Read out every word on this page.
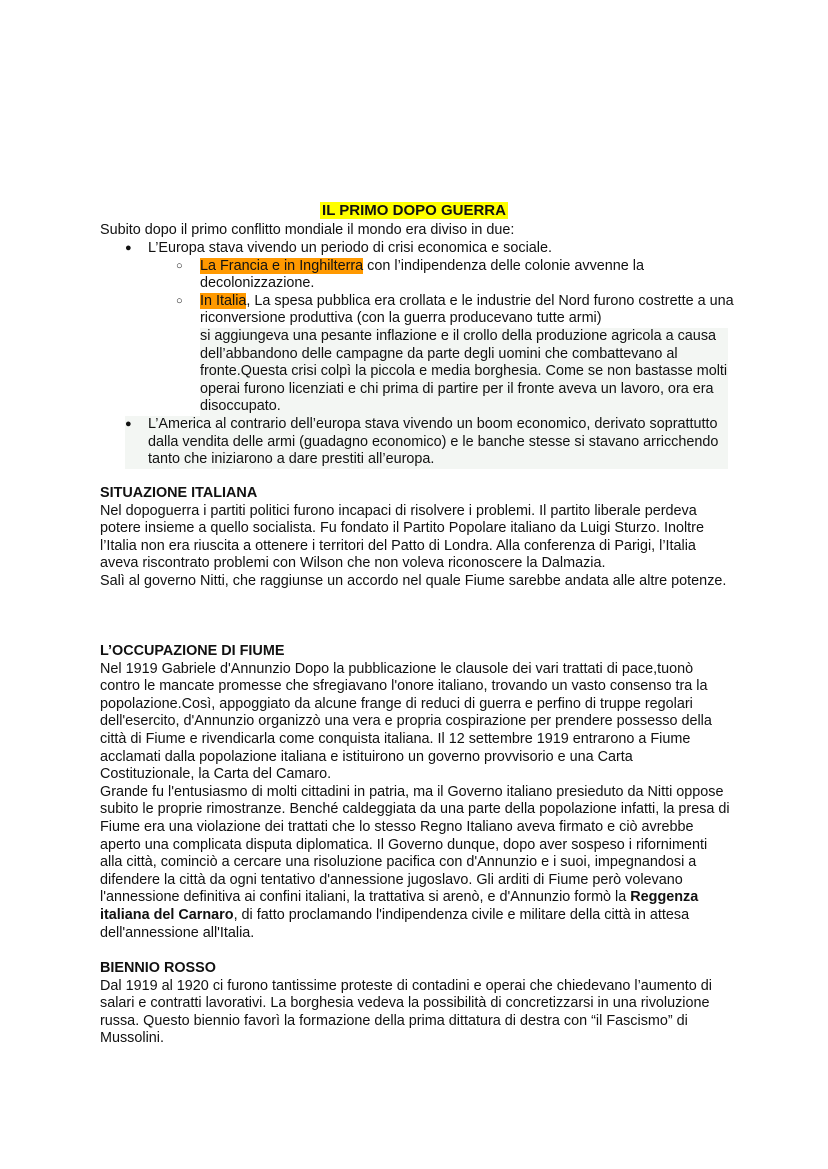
IL PRIMO DOPO GUERRA
Subito dopo il primo conflitto mondiale il mondo era diviso in due:
● L’Europa stava vivendo un periodo di crisi economica e sociale.
○ La Francia e in Inghilterra con l’indipendenza delle colonie avvenne la decolonizzazione.
○ In Italia, La spesa pubblica era crollata e le industrie del Nord furono costrette a una riconversione produttiva (con la guerra producevano tutte armi)
si aggiungeva una pesante inflazione e il crollo della produzione agricola a causa dell’abbandono delle campagne da parte degli uomini che combattevano al fronte.Questa crisi colpì la piccola e media borghesia. Come se non bastasse molti operai furono licenziati e chi prima di partire per il fronte aveva un lavoro, ora era disoccupato.
● L’America al contrario dell’europa stava vivendo un boom economico, derivato soprattutto dalla vendita delle armi (guadagno economico) e le banche stesse si stavano arricchendo tanto che iniziarono a dare prestiti all’europa.
SITUAZIONE ITALIANA

Nel dopoguerra i partiti politici furono incapaci di risolvere i problemi. Il partito liberale perdeva potere insieme a quello socialista. Fu fondato il Partito Popolare italiano da Luigi Sturzo. Inoltre l’Italia non era riuscita a ottenere i territori del Patto di Londra. Alla conferenza di Parigi, l’Italia aveva riscontrato problemi con Wilson che non voleva riconoscere la Dalmazia.

Salì al governo Nitti, che raggiunse un accordo nel quale Fiume sarebbe andata alle altre potenze.

L’OCCUPAZIONE DI FIUME

Nel 1919 Gabriele d'Annunzio Dopo la pubblicazione le clausole dei vari trattati di pace,tuonò contro le mancate promesse che sfregiavano l'onore italiano, trovando un vasto consenso tra la popolazione.Così, appoggiato da alcune frange di reduci di guerra e perfino di truppe regolari dell'esercito, d'Annunzio organizzò una vera e propria cospirazione per prendere possesso della città di Fiume e rivendicarla come conquista italiana. Il 12 settembre 1919 entrarono a Fiume acclamati dalla popolazione italiana e istituirono un governo provvisorio e una Carta Costituzionale, la Carta del Camaro.

Grande fu l'entusiasmo di molti cittadini in patria, ma il Governo italiano presieduto da Nitti oppose subito le proprie rimostranze. Benché caldeggiata da una parte della popolazione infatti, la presa di Fiume era una violazione dei trattati che lo stesso Regno Italiano aveva firmato e ciò avrebbe aperto una complicata disputa diplomatica. Il Governo dunque, dopo aver sospeso i rifornimenti alla città, cominciò a cercare una risoluzione pacifica con d'Annunzio e i suoi, impegnandosi a difendere la città da ogni tentativo d'annessione jugoslavo. Gli arditi di Fiume però volevano l'annessione definitiva ai confini italiani, la trattativa si arenò, e d'Annunzio formò la Reggenza italiana del Carnaro, di fatto proclamando l'indipendenza civile e militare della città in attesa dell'annessione all'Italia.

BIENNIO ROSSO

Dal 1919 al 1920 ci furono tantissime proteste di contadini e operai che chiedevano l’aumento di salari e contratti lavorativi. La borghesia vedeva la possibilità di concretizzarsi in una rivoluzione russa. Questo biennio favorì la formazione della prima dittatura di destra con “il Fascismo” di Mussolini.
